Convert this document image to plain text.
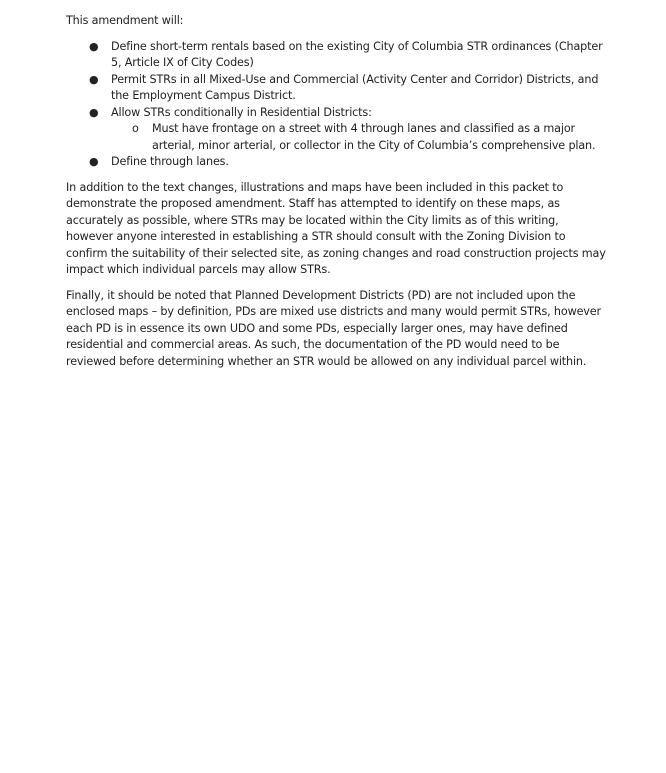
This amendment will:

● Define short-term rentals based on the existing City of Columbia STR ordinances (Chapter 5, Article IX of City Codes)
● Permit STRs in all Mixed-Use and Commercial (Activity Center and Corridor) Districts, and the Employment Campus District.
● Allow STRs conditionally in Residential Districts:
o Must have frontage on a street with 4 through lanes and classified as a major arterial, minor arterial, or collector in the City of Columbia’s comprehensive plan.
● Define through lanes.

In addition to the text changes, illustrations and maps have been included in this packet to demonstrate the proposed amendment. Staff has attempted to identify on these maps, as accurately as possible, where STRs may be located within the City limits as of this writing, however anyone interested in establishing a STR should consult with the Zoning Division to confirm the suitability of their selected site, as zoning changes and road construction projects may impact which individual parcels may allow STRs.

Finally, it should be noted that Planned Development Districts (PD) are not included upon the enclosed maps – by definition, PDs are mixed use districts and many would permit STRs, however each PD is in essence its own UDO and some PDs, especially larger ones, may have defined residential and commercial areas. As such, the documentation of the PD would need to be reviewed before determining whether an STR would be allowed on any individual parcel within.
